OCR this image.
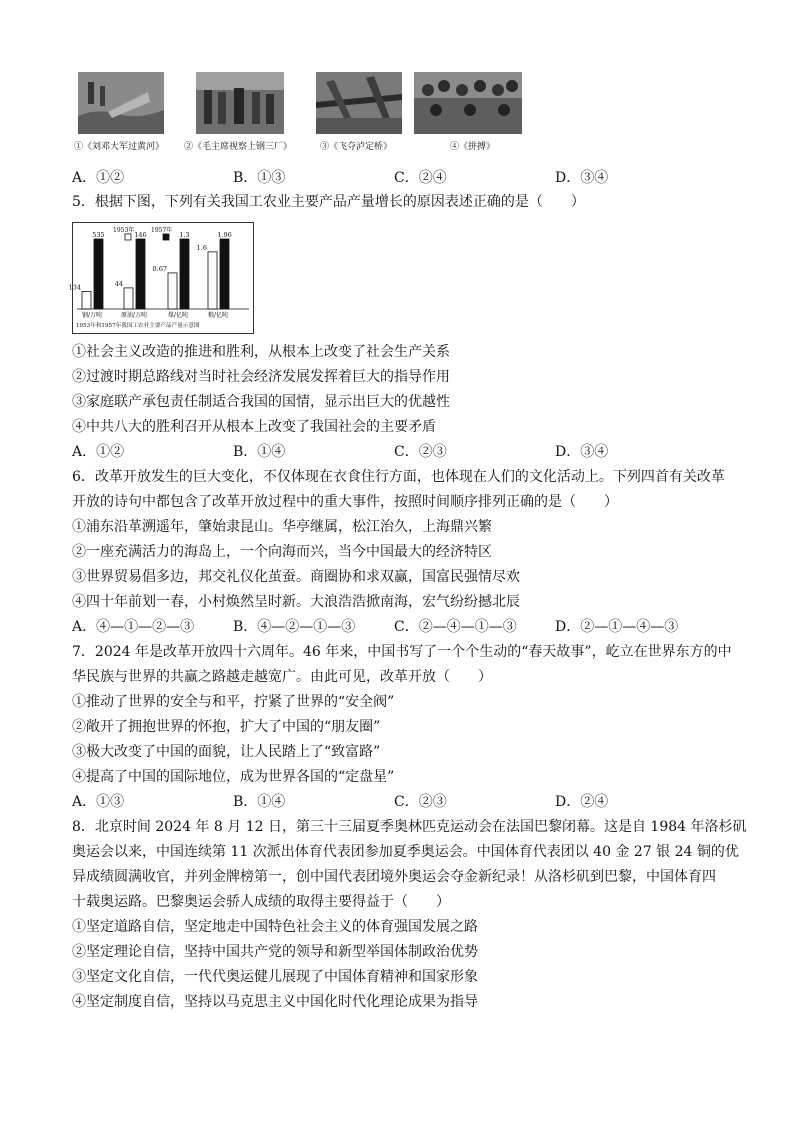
①《刘邓大军过黄河》 ②《毛主席视察上钢三厂》	③《飞夺泸定桥》	④《拼搏》
A．①②	B．①③	C．②④	D．③④
5．根据下图，下列有关我国工农业主要产品产量增长的原因表述正确的是（　　）
134
535
钢/万吨
44
146
原油/万吨
0.67
1.3
煤/亿吨
1.6
1.96
粮/亿吨
1953年	1957年
1953年和1957年我国工农业主要产品产量示意图
①社会主义改造的推进和胜利，从根本上改变了社会生产关系
②过渡时期总路线对当时社会经济发展发挥着巨大的指导作用
③家庭联产承包责任制适合我国的国情，显示出巨大的优越性
④中共八大的胜利召开从根本上改变了我国社会的主要矛盾
A．①②	B．①④	C．②③	D．③④
6．改革开放发生的巨大变化，不仅体现在衣食住行方面，也体现在人们的文化活动上。下列四首有关改革
开放的诗句中都包含了改革开放过程中的重大事件，按照时间顺序排列正确的是（　　）
①浦东沿革溯遥年，肇始隶昆山。华亭继属，松江治久，上海鼎兴繁
②一座充满活力的海岛上，一个向海而兴，当今中国最大的经济特区
③世界贸易倡多边，邦交礼仪化茧蚕。商圈协和求双赢，国富民强情尽欢
④四十年前划一春，小村焕然呈时新。大浪浩浩掀南海，宏气纷纷撼北辰
A．④—①—②—③	B．④—②—①—③	C．②—④—①—③	D．②—①—④—③
7．2024 年是改革开放四十六周年。46 年来，中国书写了一个个生动的“春天故事”，屹立在世界东方的中
华民族与世界的共赢之路越走越宽广。由此可见，改革开放（　　）
①推动了世界的安全与和平，拧紧了世界的“安全阀”
②敞开了拥抱世界的怀抱，扩大了中国的“朋友圈”
③极大改变了中国的面貌，让人民踏上了“致富路”
④提高了中国的国际地位，成为世界各国的“定盘星”
A．①③	B．①④	C．②③	D．②④
8．北京时间 2024 年 8 月 12 日，第三十三届夏季奥林匹克运动会在法国巴黎闭幕。这是自 1984 年洛杉矶
奥运会以来，中国连续第 11 次派出体育代表团参加夏季奥运会。中国体育代表团以 40 金 27 银 24 铜的优
异成绩圆满收官，并列金牌榜第一，创中国代表团境外奥运会夺金新纪录！从洛杉矶到巴黎，中国体育四
十载奥运路。巴黎奥运会骄人成绩的取得主要得益于（　　）
①坚定道路自信，坚定地走中国特色社会主义的体育强国发展之路
②坚定理论自信，坚持中国共产党的领导和新型举国体制政治优势
③坚定文化自信，一代代奥运健儿展现了中国体育精神和国家形象
④坚定制度自信，坚持以马克思主义中国化时代化理论成果为指导
